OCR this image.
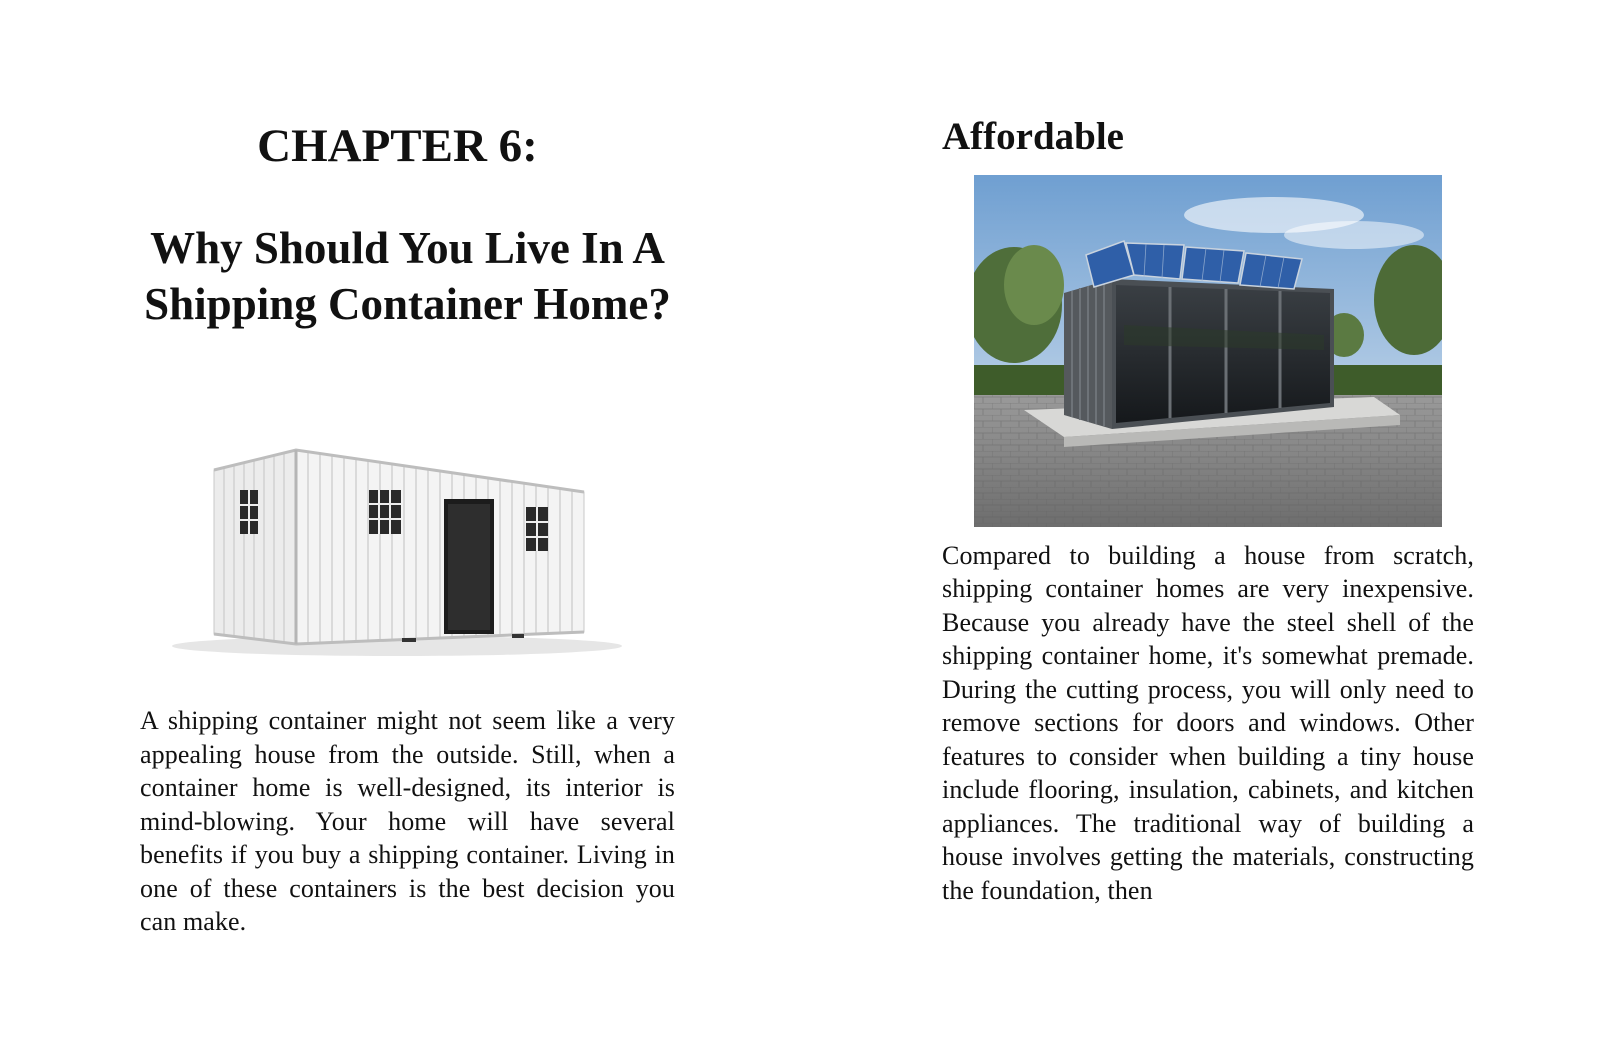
CHAPTER 6:
Why Should You Live In A Shipping Container Home?

A shipping container might not seem like a very appealing house from the outside. Still, when a container home is well-designed, its interior is mind-blowing. Your home will have several benefits if you buy a shipping container. Living in one of these containers is the best decision you can make.

Affordable

Compared to building a house from scratch, shipping container homes are very inexpensive. Because you already have the steel shell of the shipping container home, it's somewhat premade. During the cutting process, you will only need to remove sections for doors and windows. Other features to consider when building a tiny house include flooring, insulation, cabinets, and kitchen appliances. The traditional way of building a house involves getting the materials, constructing the foundation, then
